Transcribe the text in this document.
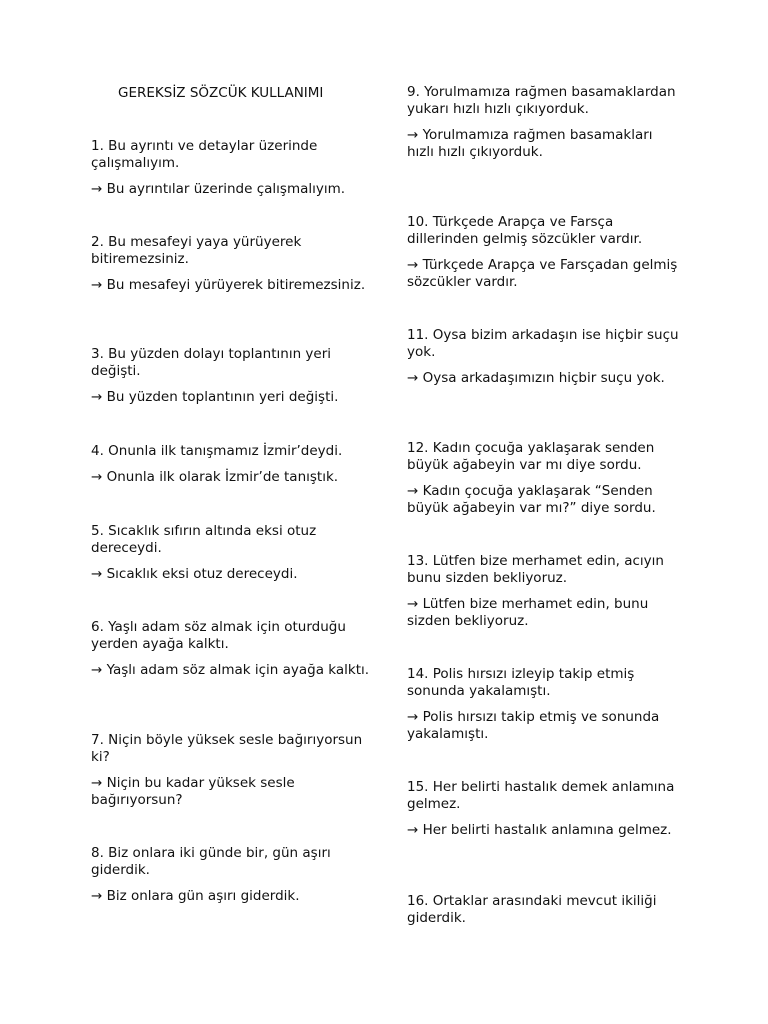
GEREKSİZ SÖZCÜK KULLANIMI

1. Bu ayrıntı ve detaylar üzerinde çalışmalıyım.

→ Bu ayrıntılar üzerinde çalışmalıyım.

2. Bu mesafeyi yaya yürüyerek bitiremezsiniz.

→ Bu mesafeyi yürüyerek bitiremezsiniz.

3. Bu yüzden dolayı toplantının yeri değişti.

→ Bu yüzden toplantının yeri değişti.

4. Onunla ilk tanışmamız İzmir’deydi.

→ Onunla ilk olarak İzmir’de tanıştık.

5. Sıcaklık sıfırın altında eksi otuz dereceydi.

→ Sıcaklık eksi otuz dereceydi.

6. Yaşlı adam söz almak için oturduğu yerden ayağa kalktı.

→ Yaşlı adam söz almak için ayağa kalktı.

7. Niçin böyle yüksek sesle bağırıyorsun ki?

→ Niçin bu kadar yüksek sesle bağırıyorsun?

8. Biz onlara iki günde bir, gün aşırı giderdik.

→ Biz onlara gün aşırı giderdik.

9. Yorulmamıza rağmen basamaklardan yukarı hızlı hızlı çıkıyorduk.

→ Yorulmamıza rağmen basamakları hızlı hızlı çıkıyorduk.

10. Türkçede Arapça ve Farsça dillerinden gelmiş sözcükler vardır.

→ Türkçede Arapça ve Farsçadan gelmiş sözcükler vardır.

11. Oysa bizim arkadaşın ise hiçbir suçu yok.

→ Oysa arkadaşımızın hiçbir suçu yok.

12. Kadın çocuğa yaklaşarak senden büyük ağabeyin var mı diye sordu.

→ Kadın çocuğa yaklaşarak “Senden büyük ağabeyin var mı?” diye sordu.

13. Lütfen bize merhamet edin, acıyın bunu sizden bekliyoruz.

→ Lütfen bize merhamet edin, bunu sizden bekliyoruz.

14. Polis hırsızı izleyip takip etmiş sonunda yakalamıştı.

→ Polis hırsızı takip etmiş ve sonunda yakalamıştı.

15. Her belirti hastalık demek anlamına gelmez.

→ Her belirti hastalık anlamına gelmez.

16. Ortaklar arasındaki mevcut ikiliği giderdik.
